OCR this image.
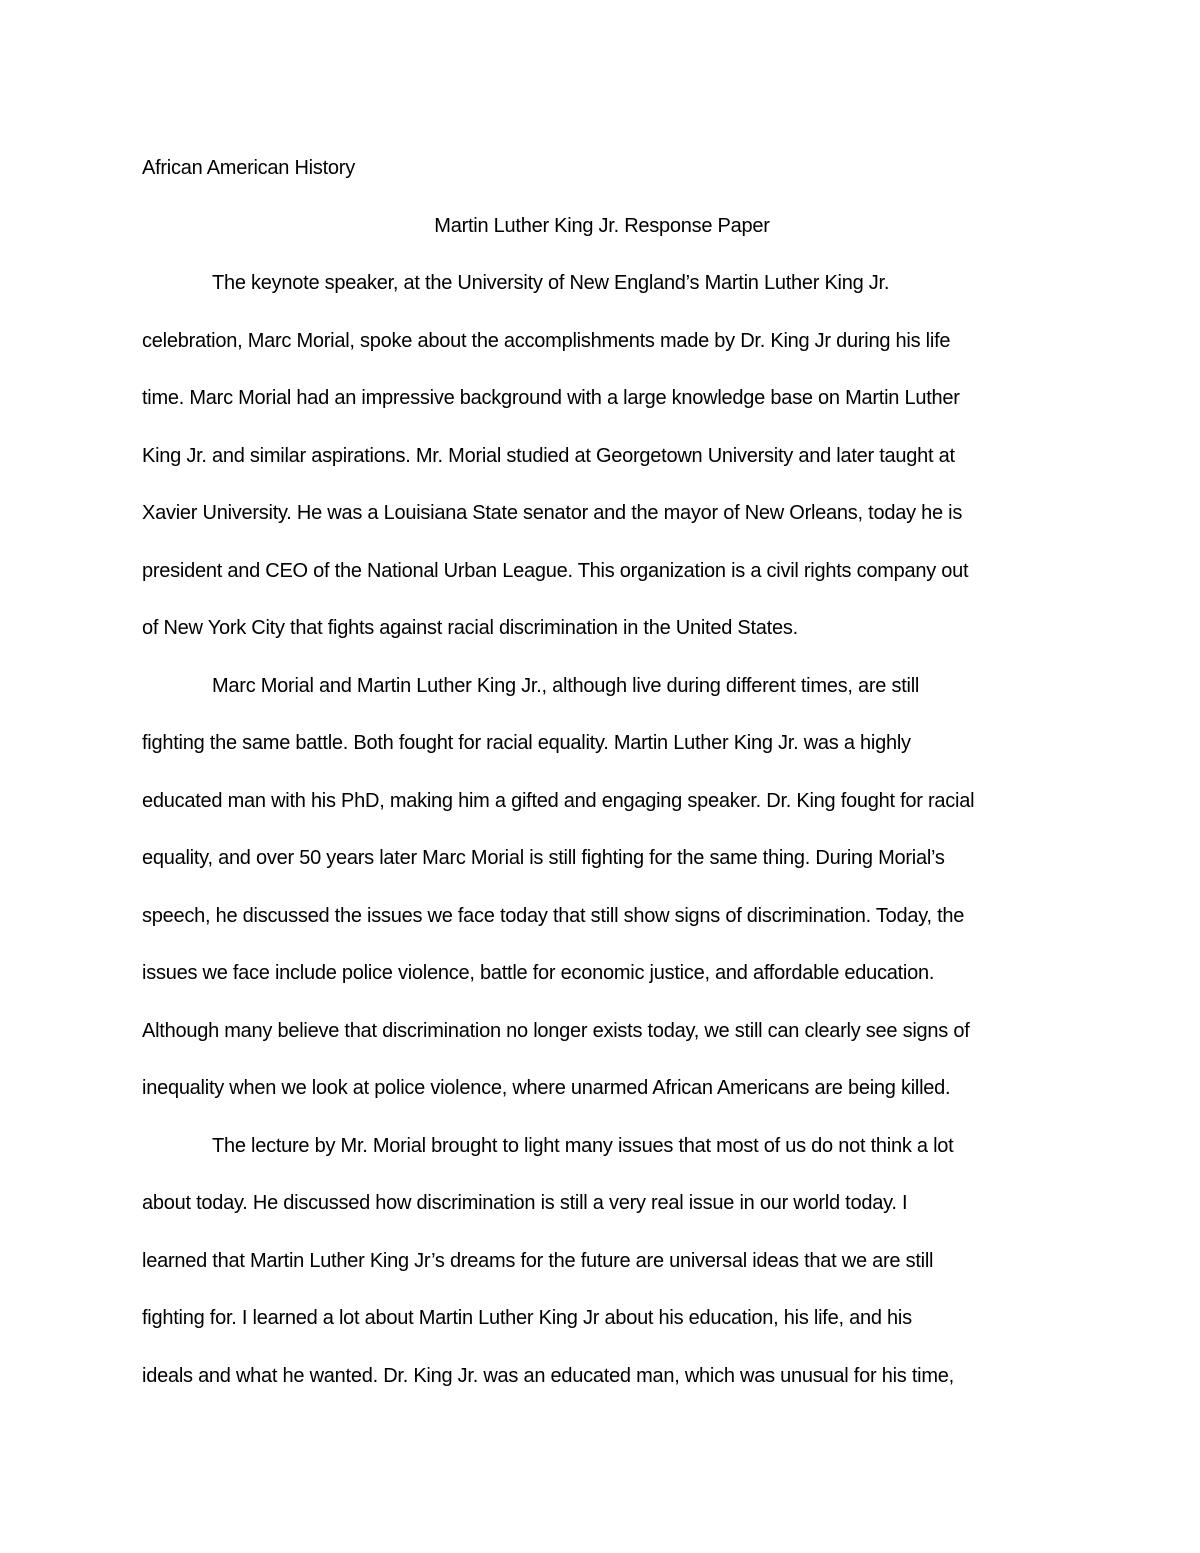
African American History

Martin Luther King Jr. Response Paper

The keynote speaker, at the University of New England’s Martin Luther King Jr.
celebration, Marc Morial, spoke about the accomplishments made by Dr. King Jr during his life
time. Marc Morial had an impressive background with a large knowledge base on Martin Luther
King Jr. and similar aspirations. Mr. Morial studied at Georgetown University and later taught at
Xavier University. He was a Louisiana State senator and the mayor of New Orleans, today he is
president and CEO of the National Urban League. This organization is a civil rights company out
of New York City that fights against racial discrimination in the United States.
Marc Morial and Martin Luther King Jr., although live during different times, are still
fighting the same battle. Both fought for racial equality. Martin Luther King Jr. was a highly
educated man with his PhD, making him a gifted and engaging speaker. Dr. King fought for racial
equality, and over 50 years later Marc Morial is still fighting for the same thing. During Morial’s
speech, he discussed the issues we face today that still show signs of discrimination. Today, the
issues we face include police violence, battle for economic justice, and affordable education.
Although many believe that discrimination no longer exists today, we still can clearly see signs of
inequality when we look at police violence, where unarmed African Americans are being killed.
The lecture by Mr. Morial brought to light many issues that most of us do not think a lot
about today. He discussed how discrimination is still a very real issue in our world today. I
learned that Martin Luther King Jr’s dreams for the future are universal ideas that we are still
fighting for. I learned a lot about Martin Luther King Jr about his education, his life, and his
ideals and what he wanted. Dr. King Jr. was an educated man, which was unusual for his time,
